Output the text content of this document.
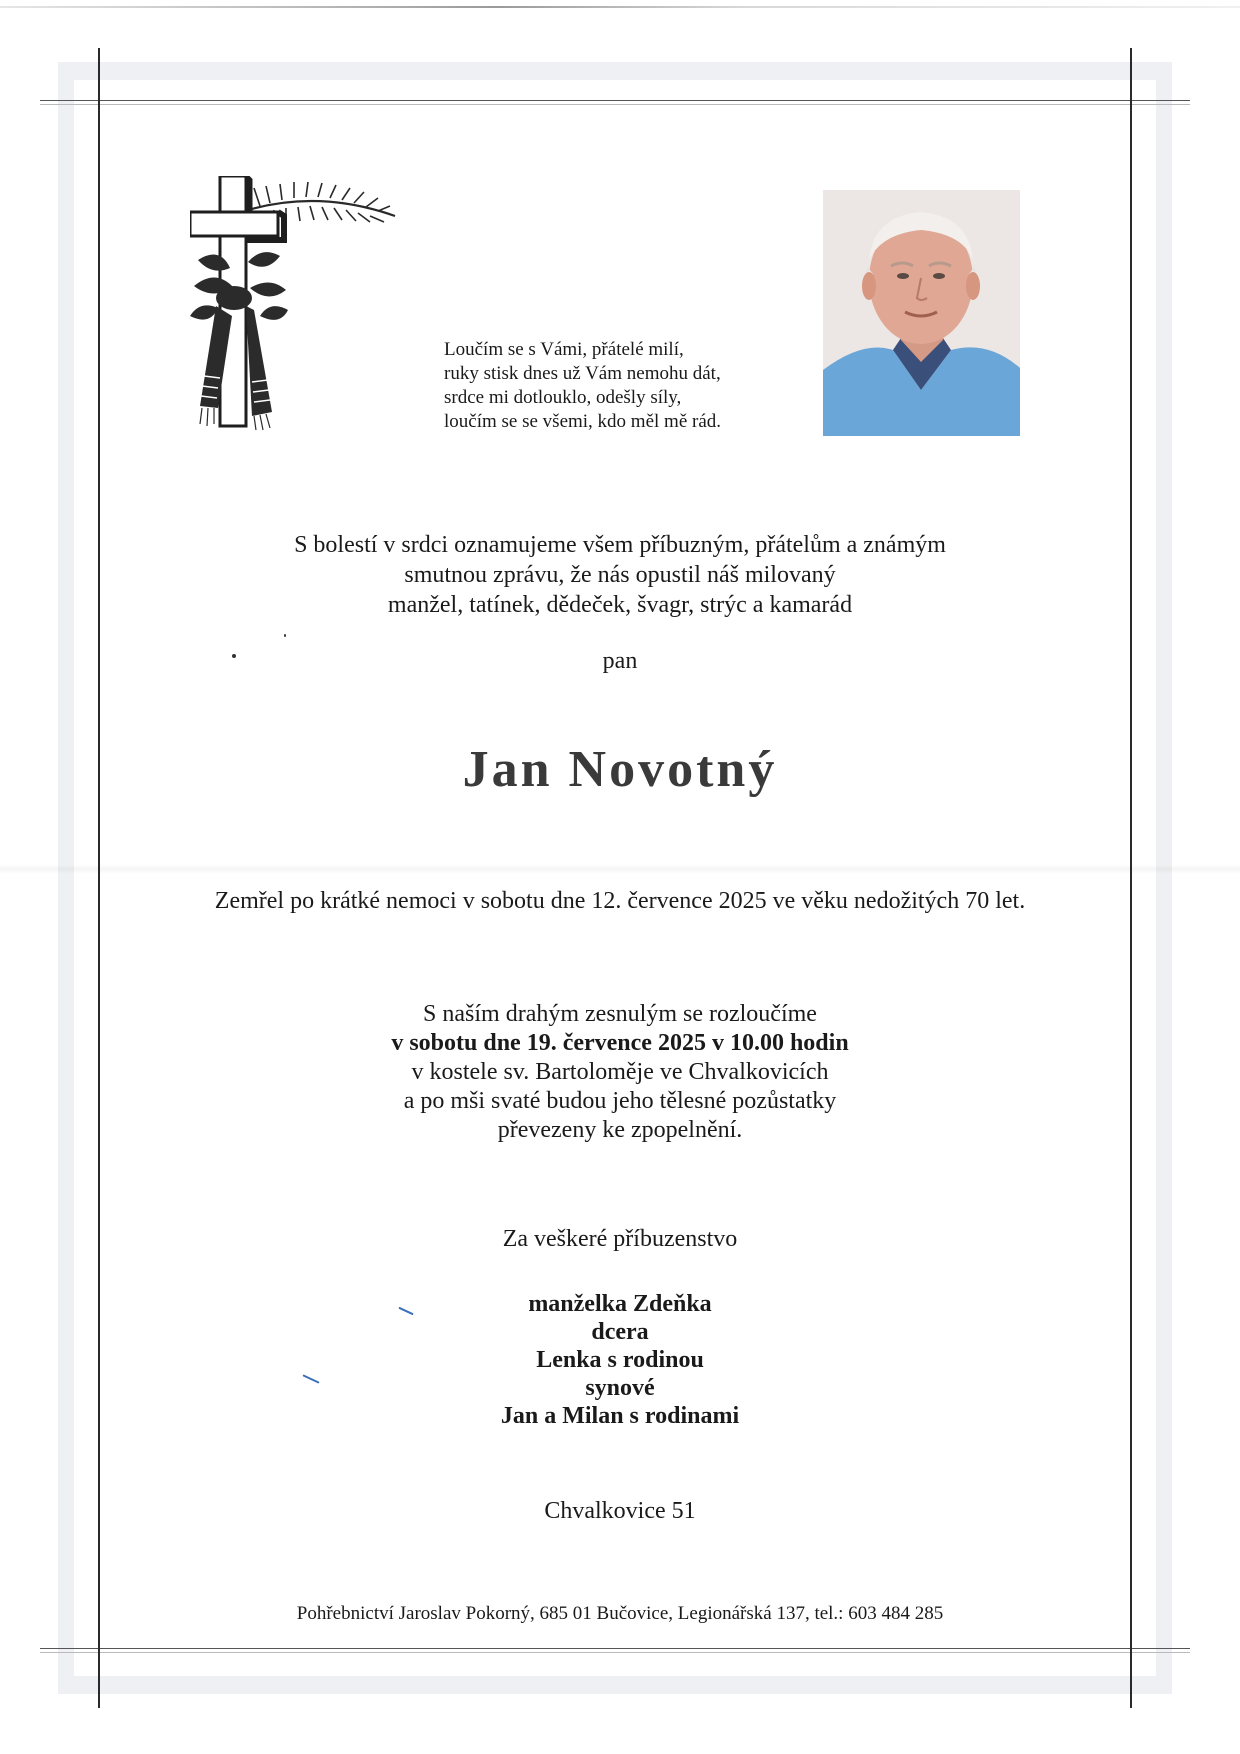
Loučím se s Vámi, přátelé milí,
ruky stisk dnes už Vám nemohu dát,
srdce mi dotlouklo, odešly síly,
loučím se se všemi, kdo měl mě rád.
S bolestí v srdci oznamujeme všem příbuzným, přátelům a známým
smutnou zprávu, že nás opustil náš milovaný
manžel, tatínek, dědeček, švagr, strýc a kamarád
pan
Jan Novotný
Zemřel po krátké nemoci v sobotu dne 12. července 2025 ve věku nedožitých 70 let.
S naším drahým zesnulým se rozloučíme
v sobotu dne 19. července 2025 v 10.00 hodin
v kostele sv. Bartoloměje ve Chvalkovicích
a po mši svaté budou jeho tělesné pozůstatky
převezeny ke zpopelnění.
Za veškeré příbuzenstvo
manželka Zdeňka
dcera
Lenka s rodinou
synové
Jan a Milan s rodinami
Chvalkovice 51
Pohřebnictví Jaroslav Pokorný, 685 01 Bučovice, Legionářská 137, tel.: 603 484 285
